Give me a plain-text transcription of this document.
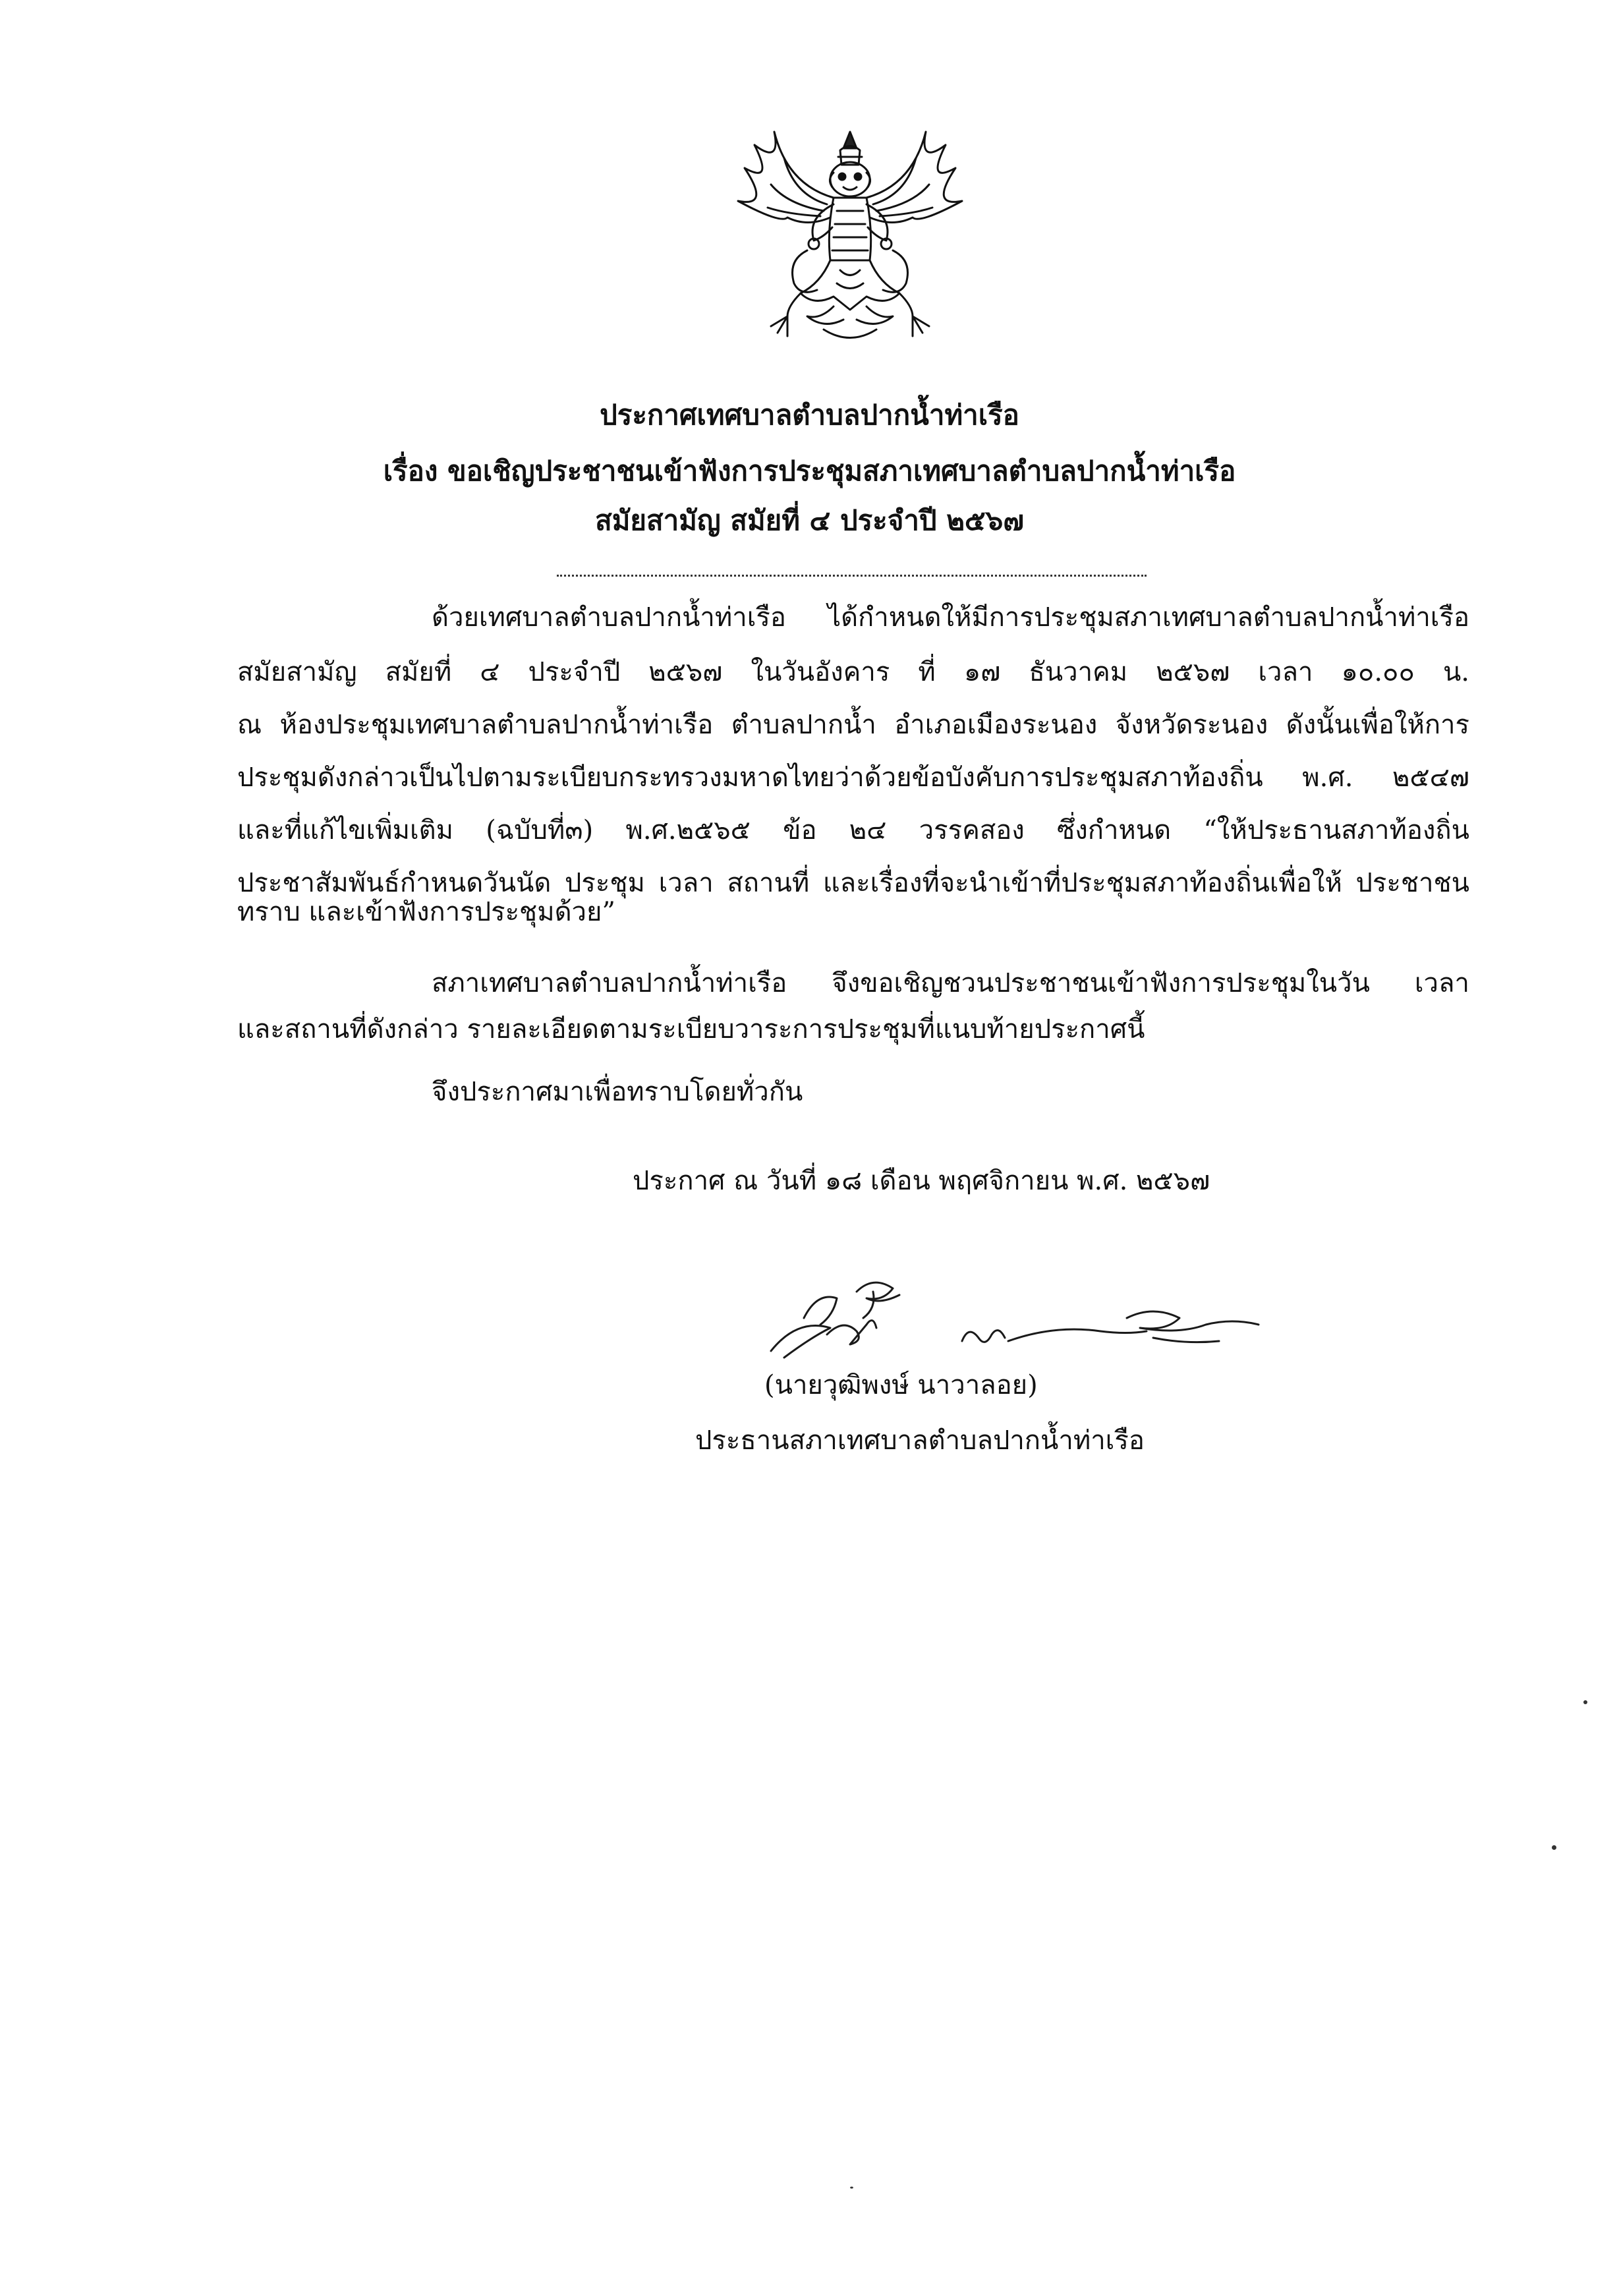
ประกาศเทศบาลตำบลปากน้ำท่าเรือ
เรื่อง ขอเชิญประชาชนเข้าฟังการประชุมสภาเทศบาลตำบลปากน้ำท่าเรือ
สมัยสามัญ สมัยที่ ๔ ประจำปี ๒๕๖๗
ด้วยเทศบาลตำบลปากน้ำท่าเรือ ได้กำหนดให้มีการประชุมสภาเทศบาลตำบลปากน้ำท่าเรือ
สมัยสามัญ สมัยที่ ๔ ประจำปี ๒๕๖๗ ในวันอังคาร ที่ ๑๗ ธันวาคม ๒๕๖๗ เวลา ๑๐.๐๐ น.
ณ ห้องประชุมเทศบาลตำบลปากน้ำท่าเรือ ตำบลปากน้ำ อำเภอเมืองระนอง จังหวัดระนอง ดังนั้นเพื่อให้การ
ประชุมดังกล่าวเป็นไปตามระเบียบกระทรวงมหาดไทยว่าด้วยข้อบังคับการประชุมสภาท้องถิ่น พ.ศ. ๒๕๔๗
และที่แก้ไขเพิ่มเติม (ฉบับที่๓) พ.ศ.๒๕๖๕ ข้อ ๒๔ วรรคสอง ซึ่งกำหนด “ให้ประธานสภาท้องถิ่น
ประชาสัมพันธ์กำหนดวันนัด ประชุม เวลา สถานที่ และเรื่องที่จะนำเข้าที่ประชุมสภาท้องถิ่นเพื่อให้ ประชาชน
ทราบ และเข้าฟังการประชุมด้วย”
สภาเทศบาลตำบลปากน้ำท่าเรือ จึงขอเชิญชวนประชาชนเข้าฟังการประชุมในวัน เวลา
และสถานที่ดังกล่าว รายละเอียดตามระเบียบวาระการประชุมที่แนบท้ายประกาศนี้
จึงประกาศมาเพื่อทราบโดยทั่วกัน
ประกาศ ณ วันที่ ๑๘ เดือน พฤศจิกายน พ.ศ. ๒๕๖๗
(นายวุฒิพงษ์ นาวาลอย)
ประธานสภาเทศบาลตำบลปากน้ำท่าเรือ
